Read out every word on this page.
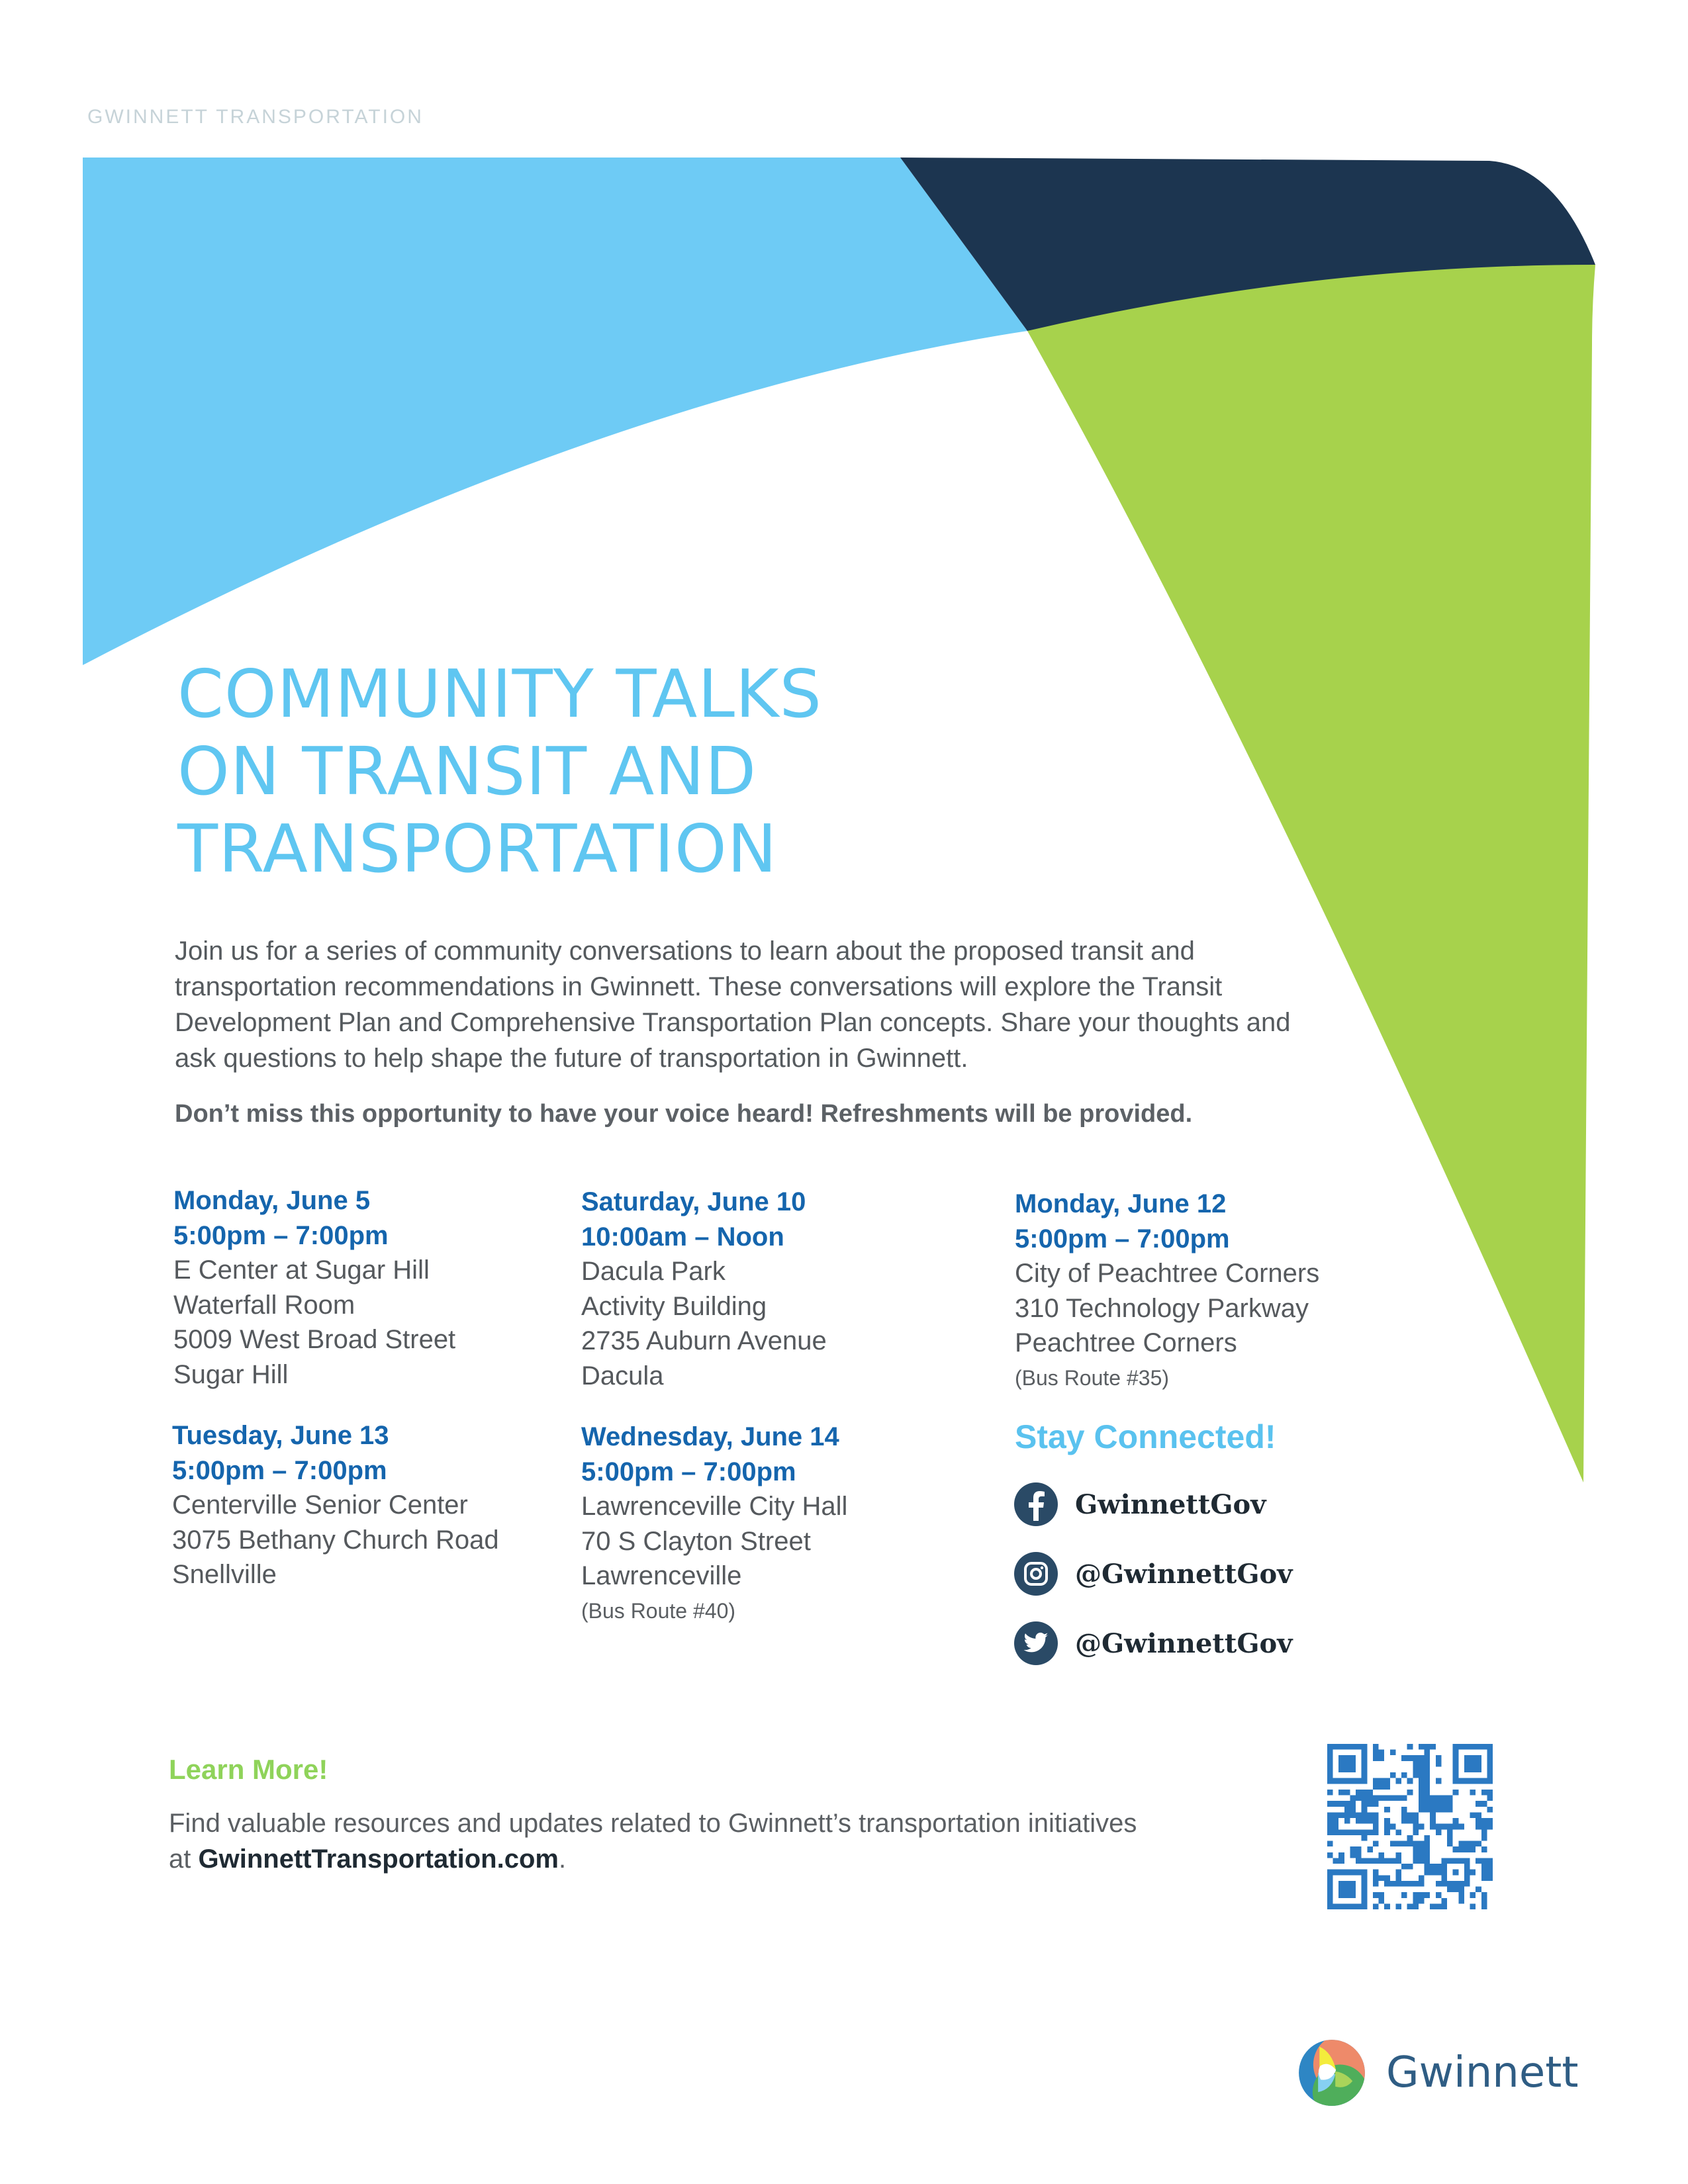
GWINNETT TRANSPORTATION
COMMUNITY TALKS
ON TRANSIT AND
TRANSPORTATION
Join us for a series of community conversations to learn about the proposed transit and transportation recommendations in Gwinnett. These conversations will explore the Transit Development Plan and Comprehensive Transportation Plan concepts. Share your thoughts and ask questions to help shape the future of transportation in Gwinnett.
Don’t miss this opportunity to have your voice heard! Refreshments will be provided.
Monday, June 5
5:00pm – 7:00pm
E Center at Sugar Hill
Waterfall Room
5009 West Broad Street
Sugar Hill
Saturday, June 10
10:00am – Noon
Dacula Park
Activity Building
2735 Auburn Avenue
Dacula
Monday, June 12
5:00pm – 7:00pm
City of Peachtree Corners
310 Technology Parkway
Peachtree Corners
(Bus Route #35)
Tuesday, June 13
5:00pm – 7:00pm
Centerville Senior Center
3075 Bethany Church Road
Snellville
Wednesday, June 14
5:00pm – 7:00pm
Lawrenceville City Hall
70 S Clayton Street
Lawrenceville
(Bus Route #40)
Stay Connected!
GwinnettGov
@GwinnettGov
@GwinnettGov
Learn More!
Find valuable resources and updates related to Gwinnett’s transportation initiatives at GwinnettTransportation.com.
Gwinnett
